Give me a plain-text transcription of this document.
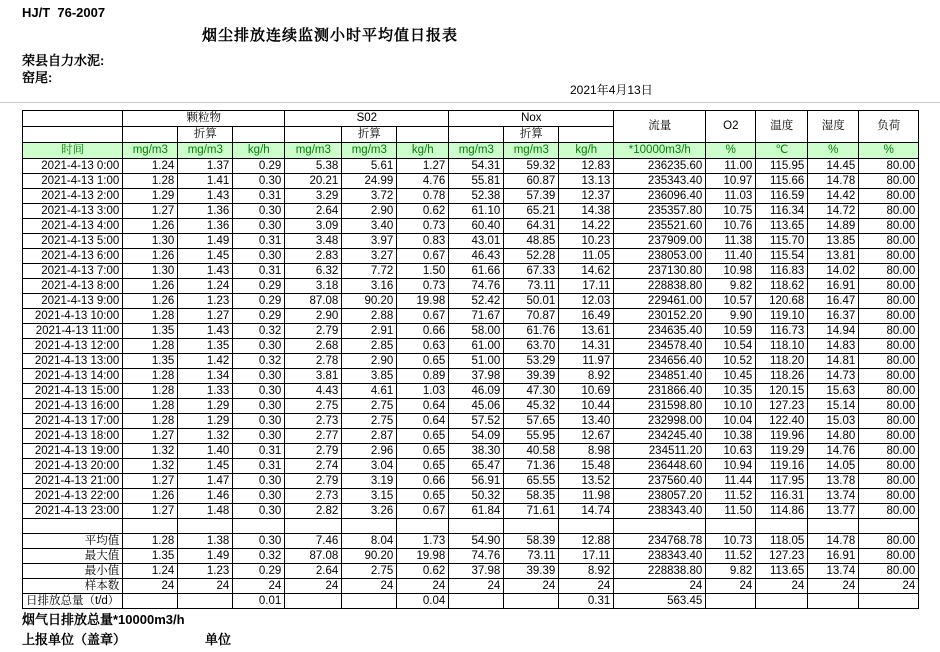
HJ/T  76-2007
烟尘排放连续监测小时平均值日报表
荣县自力水泥:
窑尾:
2021年4月13日
	颗粒物			S02			Nox			流量	O2	温度	湿度	负荷
		折算			折算			折算						
时间	mg/m3	mg/m3	kg/h	mg/m3	mg/m3	kg/h	mg/m3	mg/m3	kg/h	*10000m3/h	%	℃	%	%
2021-4-13 0:00	1.24	1.37	0.29	5.38	5.61	1.27	54.31	59.32	12.83	236235.60	11.00	115.95	14.45	80.00
2021-4-13 1:00	1.28	1.41	0.30	20.21	24.99	4.76	55.81	60.87	13.13	235343.40	10.97	115.66	14.78	80.00
2021-4-13 2:00	1.29	1.43	0.31	3.29	3.72	0.78	52.38	57.39	12.37	236096.40	11.03	116.59	14.42	80.00
2021-4-13 3:00	1.27	1.36	0.30	2.64	2.90	0.62	61.10	65.21	14.38	235357.80	10.75	116.34	14.72	80.00
2021-4-13 4:00	1.26	1.36	0.30	3.09	3.40	0.73	60.40	64.31	14.22	235521.60	10.76	113.65	14.89	80.00
2021-4-13 5:00	1.30	1.49	0.31	3.48	3.97	0.83	43.01	48.85	10.23	237909.00	11.38	115.70	13.85	80.00
2021-4-13 6:00	1.26	1.45	0.30	2.83	3.27	0.67	46.43	52.28	11.05	238053.00	11.40	115.54	13.81	80.00
2021-4-13 7:00	1.30	1.43	0.31	6.32	7.72	1.50	61.66	67.33	14.62	237130.80	10.98	116.83	14.02	80.00
2021-4-13 8:00	1.26	1.24	0.29	3.18	3.16	0.73	74.76	73.11	17.11	228838.80	9.82	118.62	16.91	80.00
2021-4-13 9:00	1.26	1.23	0.29	87.08	90.20	19.98	52.42	50.01	12.03	229461.00	10.57	120.68	16.47	80.00
2021-4-13 10:00	1.28	1.27	0.29	2.90	2.88	0.67	71.67	70.87	16.49	230152.20	9.90	119.10	16.37	80.00
2021-4-13 11:00	1.35	1.43	0.32	2.79	2.91	0.66	58.00	61.76	13.61	234635.40	10.59	116.73	14.94	80.00
2021-4-13 12:00	1.28	1.35	0.30	2.68	2.85	0.63	61.00	63.70	14.31	234578.40	10.54	118.10	14.83	80.00
2021-4-13 13:00	1.35	1.42	0.32	2.78	2.90	0.65	51.00	53.29	11.97	234656.40	10.52	118.20	14.81	80.00
2021-4-13 14:00	1.28	1.34	0.30	3.81	3.85	0.89	37.98	39.39	8.92	234851.40	10.45	118.26	14.73	80.00
2021-4-13 15:00	1.28	1.33	0.30	4.43	4.61	1.03	46.09	47.30	10.69	231866.40	10.35	120.15	15.63	80.00
2021-4-13 16:00	1.28	1.29	0.30	2.75	2.75	0.64	45.06	45.32	10.44	231598.80	10.10	127.23	15.14	80.00
2021-4-13 17:00	1.28	1.29	0.30	2.73	2.75	0.64	57.52	57.65	13.40	232998.00	10.04	122.40	15.03	80.00
2021-4-13 18:00	1.27	1.32	0.30	2.77	2.87	0.65	54.09	55.95	12.67	234245.40	10.38	119.96	14.80	80.00
2021-4-13 19:00	1.32	1.40	0.31	2.79	2.96	0.65	38.30	40.58	8.98	234511.20	10.63	119.29	14.76	80.00
2021-4-13 20:00	1.32	1.45	0.31	2.74	3.04	0.65	65.47	71.36	15.48	236448.60	10.94	119.16	14.05	80.00
2021-4-13 21:00	1.27	1.47	0.30	2.79	3.19	0.66	56.91	65.55	13.52	237560.40	11.44	117.95	13.78	80.00
2021-4-13 22:00	1.26	1.46	0.30	2.73	3.15	0.65	50.32	58.35	11.98	238057.20	11.52	116.31	13.74	80.00
2021-4-13 23:00	1.27	1.48	0.30	2.82	3.26	0.67	61.84	71.61	14.74	238343.40	11.50	114.86	13.77	80.00

平均值	1.28	1.38	0.30	7.46	8.04	1.73	54.90	58.39	12.88	234768.78	10.73	118.05	14.78	80.00
最大值	1.35	1.49	0.32	87.08	90.20	19.98	74.76	73.11	17.11	238343.40	11.52	127.23	16.91	80.00
最小值	1.24	1.23	0.29	2.64	2.75	0.62	37.98	39.39	8.92	228838.80	9.82	113.65	13.74	80.00
样本数	24	24	24	24	24	24	24	24	24	24	24	24	24	24
日排放总量（t/d）			0.01			0.04			0.31	563.45				
烟气日排放总量*10000m3/h
上报单位（盖章）	单位
